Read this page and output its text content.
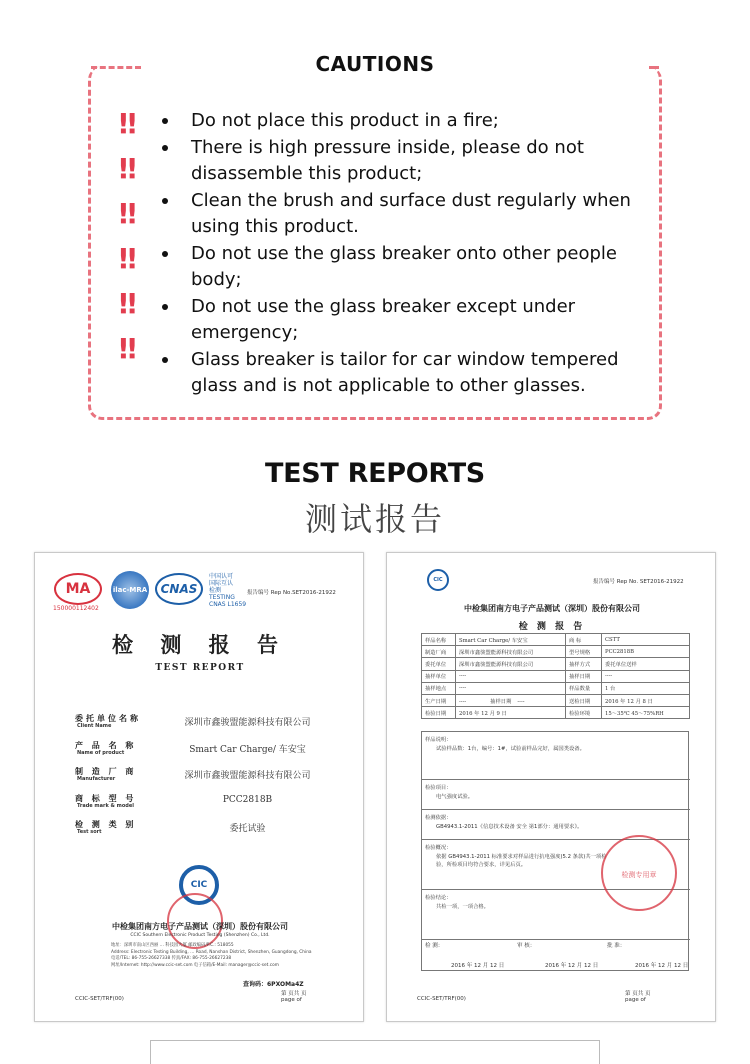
CAUTIONS
!!
!!
!!
!!
!!
!!
Do not place this product in a fire;
There is high pressure inside, please do not disassemble this product;
Clean the brush and surface dust regularly when using this product.
Do not use the glass breaker onto other people body;
Do not use the glass breaker except under emergency;
Glass breaker is tailor for car window tempered glass and is not applicable to other glasses.
TEST REPORTS
测试报告
MA
150000112402
ilac-MRA	CNAS
中国认可
国际互认
检测
TESTING
CNAS L1659
报告编号 Rep No.SET2016-21922
检 测 报 告
TEST REPORT
委托单位名称
Client Name	深圳市鑫骏盟能源科技有限公司
产 品 名 称
Name of product	Smart Car Charge/ 车安宝
制 造 厂 商
Manufacturer	深圳市鑫骏盟能源科技有限公司
商 标 型 号
Trade mark & model
PCC2818B
检 测 类 别
Test sort	委托试验
CIC
中检集团南方电子产品测试（深圳）股份有限公司
CCIC Southern Electronic Product Testing (Shenzhen) Co., Ltd.
地址：深圳市南山区西丽 … 科技园大厦 邮政编码/P.C.: 518055
Address: Electronic Testing Building, … Road, Nanshan District, Shenzhen, Guangdong, China
电话/TEL: 86-755-26627338 传真/FAX: 86-755-26627238
网址/Internet: http://www.ccic-set.com 电子信箱/E-Mail: manager@ccic-set.com
查询码：6PXOMa4Z
CCIC-SET/TRF(00)
第 页共 页
page of
CIC	报告编号 Rep No. SET2016-21922
中检集团南方电子产品测试（深圳）股份有限公司
检 测 报 告
样品名称	Smart Car Charge/ 车安宝	商 标	CSTT
制造厂商	深圳市鑫骏盟能源科技有限公司	型号规格	PCC2818B
委托单位	深圳市鑫骏盟能源科技有限公司	抽样方式	委托单位送样
抽样单位	----	抽样日期	----
抽样地点	----	样品数量	1 台
生产日期	---- 抽样日期 ----	送检日期	2016 年 12 月 8 日
检验日期	2016 年 12 月 9 日	检验环境	15～35℃ 45～75%RH
样品说明：
试验样品数：1台，编号：1#，试验前样品完好，属国类设备。
检验项目：
电气强度试验。
检测依据：
GB4943.1-2011《信息技术设备 安全 第1部分：通用要求》。
检验概况：
依据 GB4943.1-2011 标准要求对样品进行抗电强度(5.2 条款)共一项检验，所检项目均符合要求，详见后页。
检验结论：
共检一项，一项合格。
检测专用章
检 测：	审 核：	批 准：
2016 年 12 月 12 日	2016 年 12 月 12 日	2016 年 12 月 12 日
CCIC-SET/TRF(00)
第 页共 页
page of
